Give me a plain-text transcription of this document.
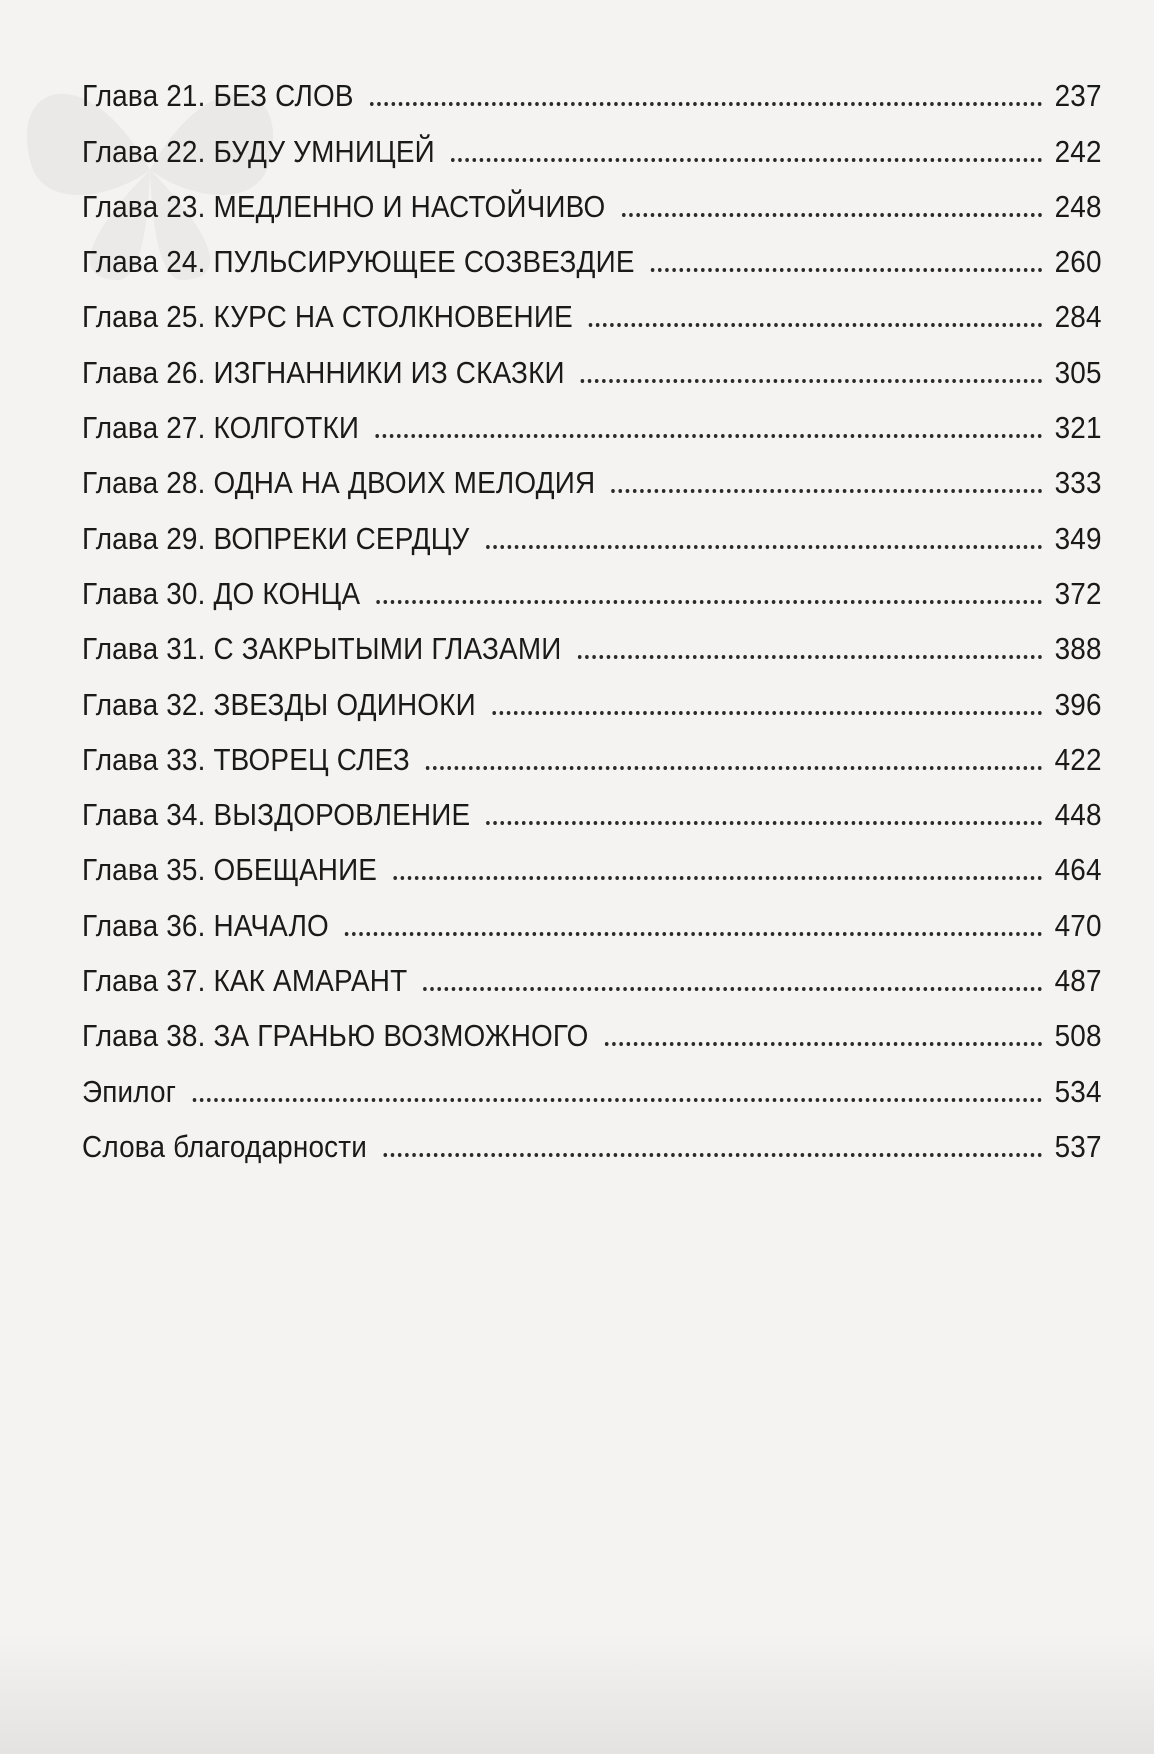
Глава 21. БЕЗ СЛОВ	237
Глава 22. БУДУ УМНИЦЕЙ	242
Глава 23. МЕДЛЕННО И НАСТОЙЧИВО	248
Глава 24. ПУЛЬСИРУЮЩЕЕ СОЗВЕЗДИЕ	260
Глава 25. КУРС НА СТОЛКНОВЕНИЕ	284
Глава 26. ИЗГНАННИКИ ИЗ СКАЗКИ	305
Глава 27. КОЛГОТКИ	321
Глава 28. ОДНА НА ДВОИХ МЕЛОДИЯ	333
Глава 29. ВОПРЕКИ СЕРДЦУ	349
Глава 30. ДО КОНЦА	372
Глава 31. С ЗАКРЫТЫМИ ГЛАЗАМИ	388
Глава 32. ЗВЕЗДЫ ОДИНОКИ	396
Глава 33. ТВОРЕЦ СЛЕЗ	422
Глава 34. ВЫЗДОРОВЛЕНИЕ	448
Глава 35. ОБЕЩАНИЕ	464
Глава 36. НАЧАЛО	470
Глава 37. КАК АМАРАНТ	487
Глава 38. ЗА ГРАНЬЮ ВОЗМОЖНОГО	508
Эпилог	534
Слова благодарности	537
